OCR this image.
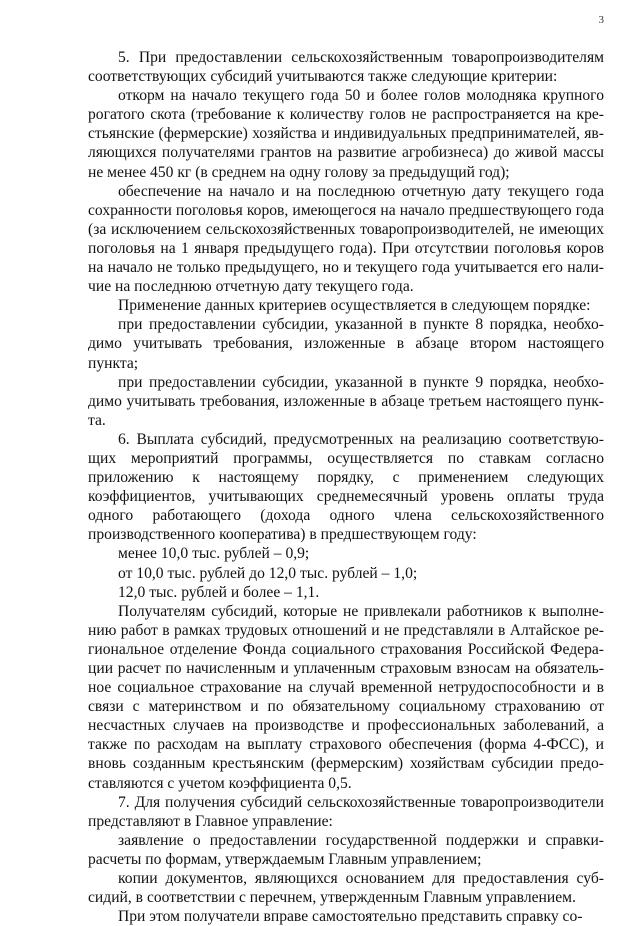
3

5. При предоставлении сельскохозяйственным товаропроизводителям соответствующих субсидий учитываются также следующие критерии:

откорм на начало текущего года 50 и более голов молодняка крупного рогатого скота (требование к количеству голов не распространяется на крестьянские (фермерские) хозяйства и индивидуальных предпринимателей, являющихся получателями грантов на развитие агробизнеса) до живой массы не менее 450 кг (в среднем на одну голову за предыдущий год);

обеспечение на начало и на последнюю отчетную дату текущего года сохранности поголовья коров, имеющегося на начало предшествующего года (за исключением сельскохозяйственных товаропроизводителей, не имеющих поголовья на 1 января предыдущего года). При отсутствии поголовья коров на начало не только предыдущего, но и текущего года учитывается его наличие на последнюю отчетную дату текущего года.

Применение дaнных критериев осуществляется в следующем порядке:

при предоставлении субсидии, указанной в пункте 8 порядка, необходимо учитывать требования, изложенные в абзаце втором настоящего пункта;

при предоставлении субсидии, указанной в пункте 9 порядка, необходимо учитывать требования, изложенные в абзаце третьем настоящего пункта.

6. Выплата субсидий, предусмотренных на реализацию соответствующих мероприятий программы, осуществляется по ставкам согласно приложению к настоящему порядку, с применением следующих коэффициентов, учитывающих среднемесячный уровень оплаты труда одного работающего (дохода одного члена сельскохозяйственного производственного кооператива) в предшествующем году:

менее 10,0 тыс. рублей – 0,9;

от 10,0 тыс. рублей до 12,0 тыс. рублей – 1,0;

12,0 тыс. рублей и более – 1,1.

Получателям субсидий, которые не привлекали работников к выполнению работ в рамках трудовых отношений и не представляли в Алтайское региональное отделение Фонда социального страхования Российской Федерации расчет по начисленным и уплаченным страховым взносам на обязательное социальное страхование на случай временной нетрудоспособности и в связи с материнством и по обязательному социальному страхованию от несчастных случаев на производстве и профессиональных заболеваний, а также по расходам на выплату страхового обеспечения (форма 4-ФСС), и вновь созданным крестьянским (фермерским) хозяйствам субсидии предоставляются с учетом коэффициента 0,5.

7. Для получения субсидий сельскохозяйственные товаропроизводители представляют в Главное управление:

заявление о предоставлении государственной поддержки и справки-расчеты по формам, утверждаемым Главным управлением;

копии документов, являющихся основанием для предоставления субсидий, в соответствии с перечнем, утвержденным Главным управлением.

При этом получатели вправе самостоятельно представить справку со-
